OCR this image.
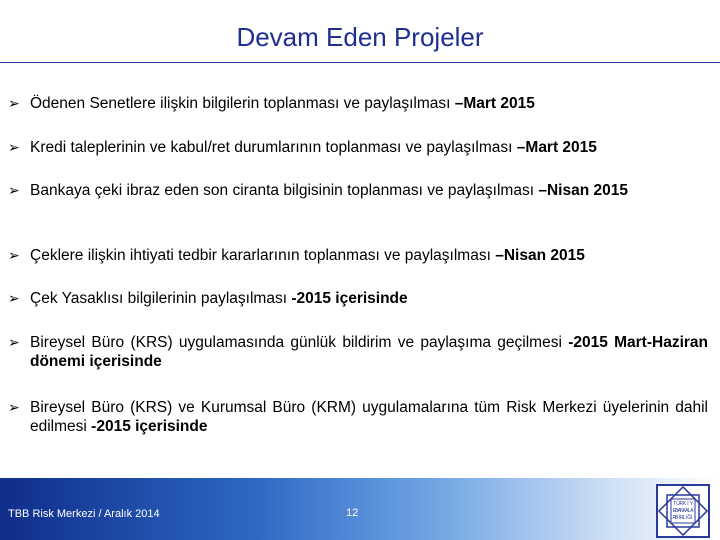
Devam Eden Projeler
➢ Ödenen Senetlere ilişkin bilgilerin toplanması ve paylaşılması –Mart 2015
➢ Kredi taleplerinin ve kabul/ret durumlarının toplanması ve paylaşılması –Mart 2015
➢ Bankaya çeki ibraz eden son ciranta bilgisinin toplanması ve paylaşılması –Nisan 2015
➢ Çeklere ilişkin ihtiyati tedbir kararlarının toplanması ve paylaşılması –Nisan 2015
➢ Çek Yasaklısı bilgilerinin paylaşılması -2015 içerisinde
➢ Bireysel Büro (KRS) uygulamasında günlük bildirim ve paylaşıma geçilmesi -2015 Mart-Haziran dönemi içerisinde
➢ Bireysel Büro (KRS) ve Kurumsal Büro (KRM) uygulamalarına tüm Risk Merkezi üyelerinin dahil edilmesi -2015 içerisinde
TBB Risk Merkezi / Aralık 2014	12
T Ü R K İ Y
E B A N K A L A
R B İ R L İ Ğ İ
